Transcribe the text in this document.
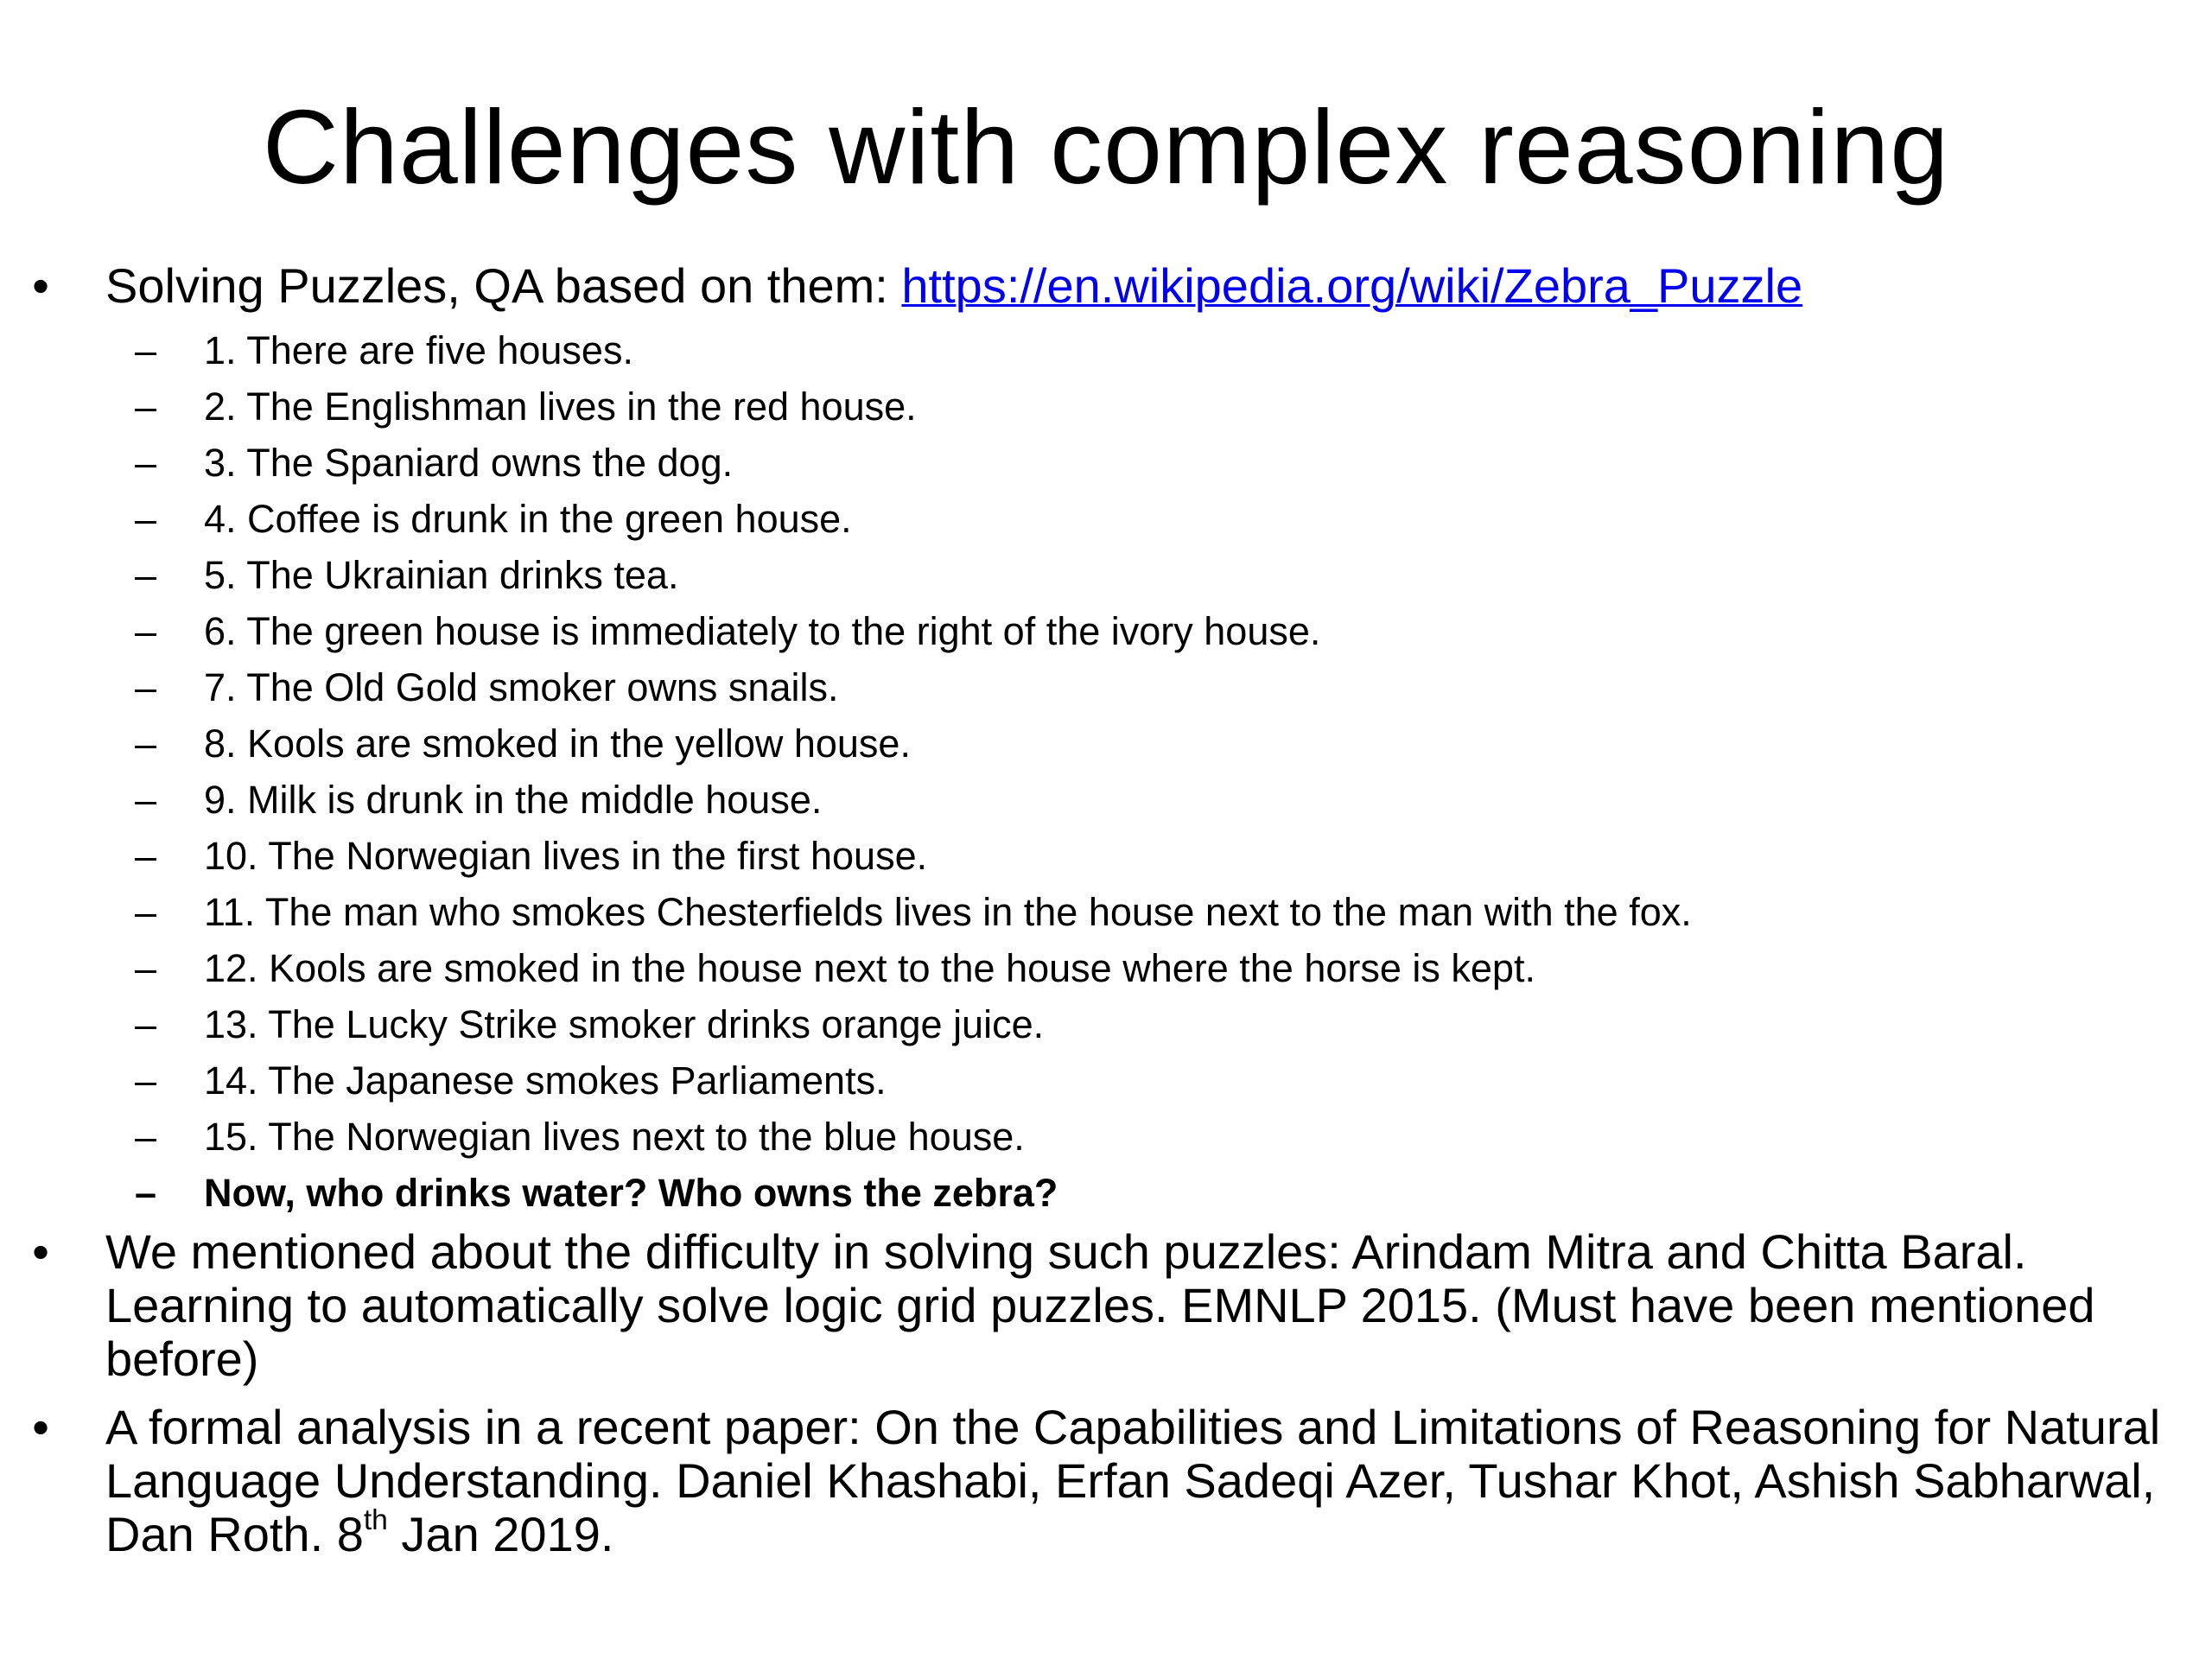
Challenges with complex reasoning
• Solving Puzzles, QA based on them: https://en.wikipedia.org/wiki/Zebra_Puzzle
– 1. There are five houses.
– 2. The Englishman lives in the red house.
– 3. The Spaniard owns the dog.
– 4. Coffee is drunk in the green house.
– 5. The Ukrainian drinks tea.
– 6. The green house is immediately to the right of the ivory house.
– 7. The Old Gold smoker owns snails.
– 8. Kools are smoked in the yellow house.
– 9. Milk is drunk in the middle house.
– 10. The Norwegian lives in the first house.
– 11. The man who smokes Chesterfields lives in the house next to the man with the fox.
– 12. Kools are smoked in the house next to the house where the horse is kept.
– 13. The Lucky Strike smoker drinks orange juice.
– 14. The Japanese smokes Parliaments.
– 15. The Norwegian lives next to the blue house.
– Now, who drinks water? Who owns the zebra?
• We mentioned about the difficulty in solving such puzzles: Arindam Mitra and Chitta Baral. Learning to automatically solve logic grid puzzles. EMNLP 2015. (Must have been mentioned before)
• A formal analysis in a recent paper: On the Capabilities and Limitations of Reasoning for Natural Language Understanding. Daniel Khashabi, Erfan Sadeqi Azer, Tushar Khot, Ashish Sabharwal, Dan Roth. 8th Jan 2019.
